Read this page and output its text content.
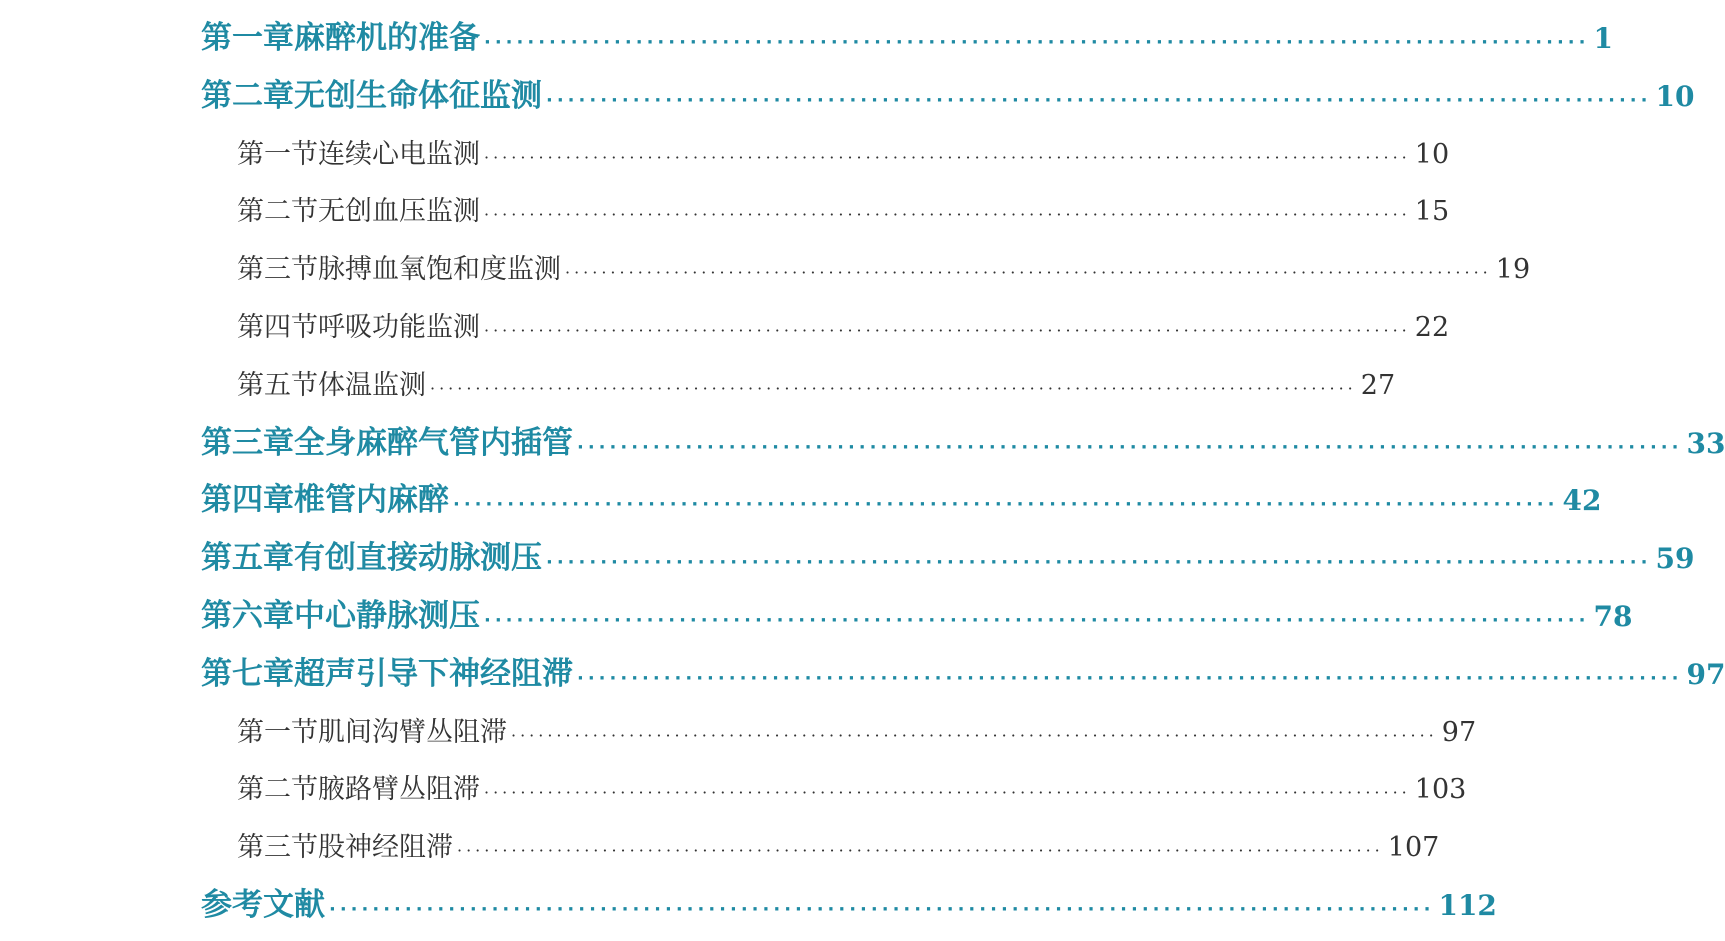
第一章 麻醉机的准备 ······································································································ 1
第二章 无创生命体征监测 ······································································································ 10
第一节 连续心电监测 ······································································································ 10
第二节 无创血压监测 ······································································································ 15
第三节 脉搏血氧饱和度监测 ······································································································ 19
第四节 呼吸功能监测 ······································································································ 22
第五节 体温监测 ······································································································ 27
第三章 全身麻醉气管内插管 ······································································································ 33
第四章 椎管内麻醉 ······································································································ 42
第五章 有创直接动脉测压 ······································································································ 59
第六章 中心静脉测压 ······································································································ 78
第七章 超声引导下神经阻滞 ······································································································ 97
第一节 肌间沟臂丛阻滞 ······································································································ 97
第二节 腋路臂丛阻滞 ······································································································ 103
第三节 股神经阻滞 ······································································································ 107
参考文献 ······································································································ 112
